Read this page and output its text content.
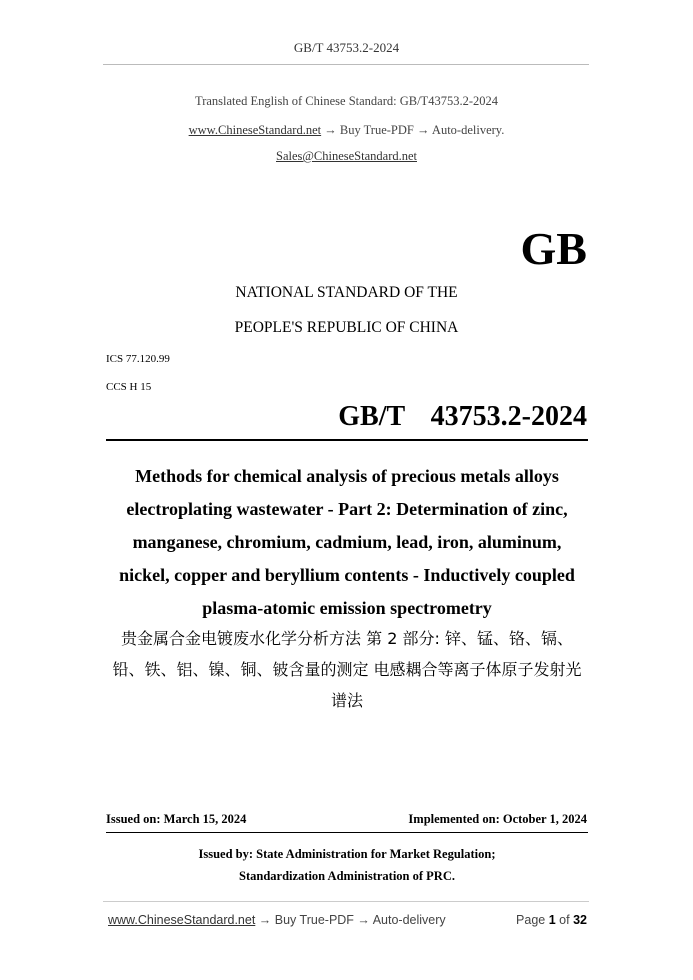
GB/T 43753.2-2024
Translated English of Chinese Standard: GB/T43753.2-2024
www.ChineseStandard.net → Buy True-PDF → Auto-delivery.
Sales@ChineseStandard.net
GB
NATIONAL STANDARD OF THE
PEOPLE'S REPUBLIC OF CHINA
ICS 77.120.99
CCS H 15
GB/T  43753.2-2024
Methods for chemical analysis of precious metals alloys electroplating wastewater - Part 2: Determination of zinc, manganese, chromium, cadmium, lead, iron, aluminum, nickel, copper and beryllium contents - Inductively coupled plasma-atomic emission spectrometry
贵金属合金电镀废水化学分析方法 第 2 部分: 锌、锰、铬、镉、铅、铁、铝、镍、铜、铍含量的测定 电感耦合等离子体原子发射光谱法
Issued on: March 15, 2024	Implemented on: October 1, 2024
Issued by: State Administration for Market Regulation;
Standardization Administration of PRC.
www.ChineseStandard.net → Buy True-PDF → Auto-delivery	Page 1 of 32
